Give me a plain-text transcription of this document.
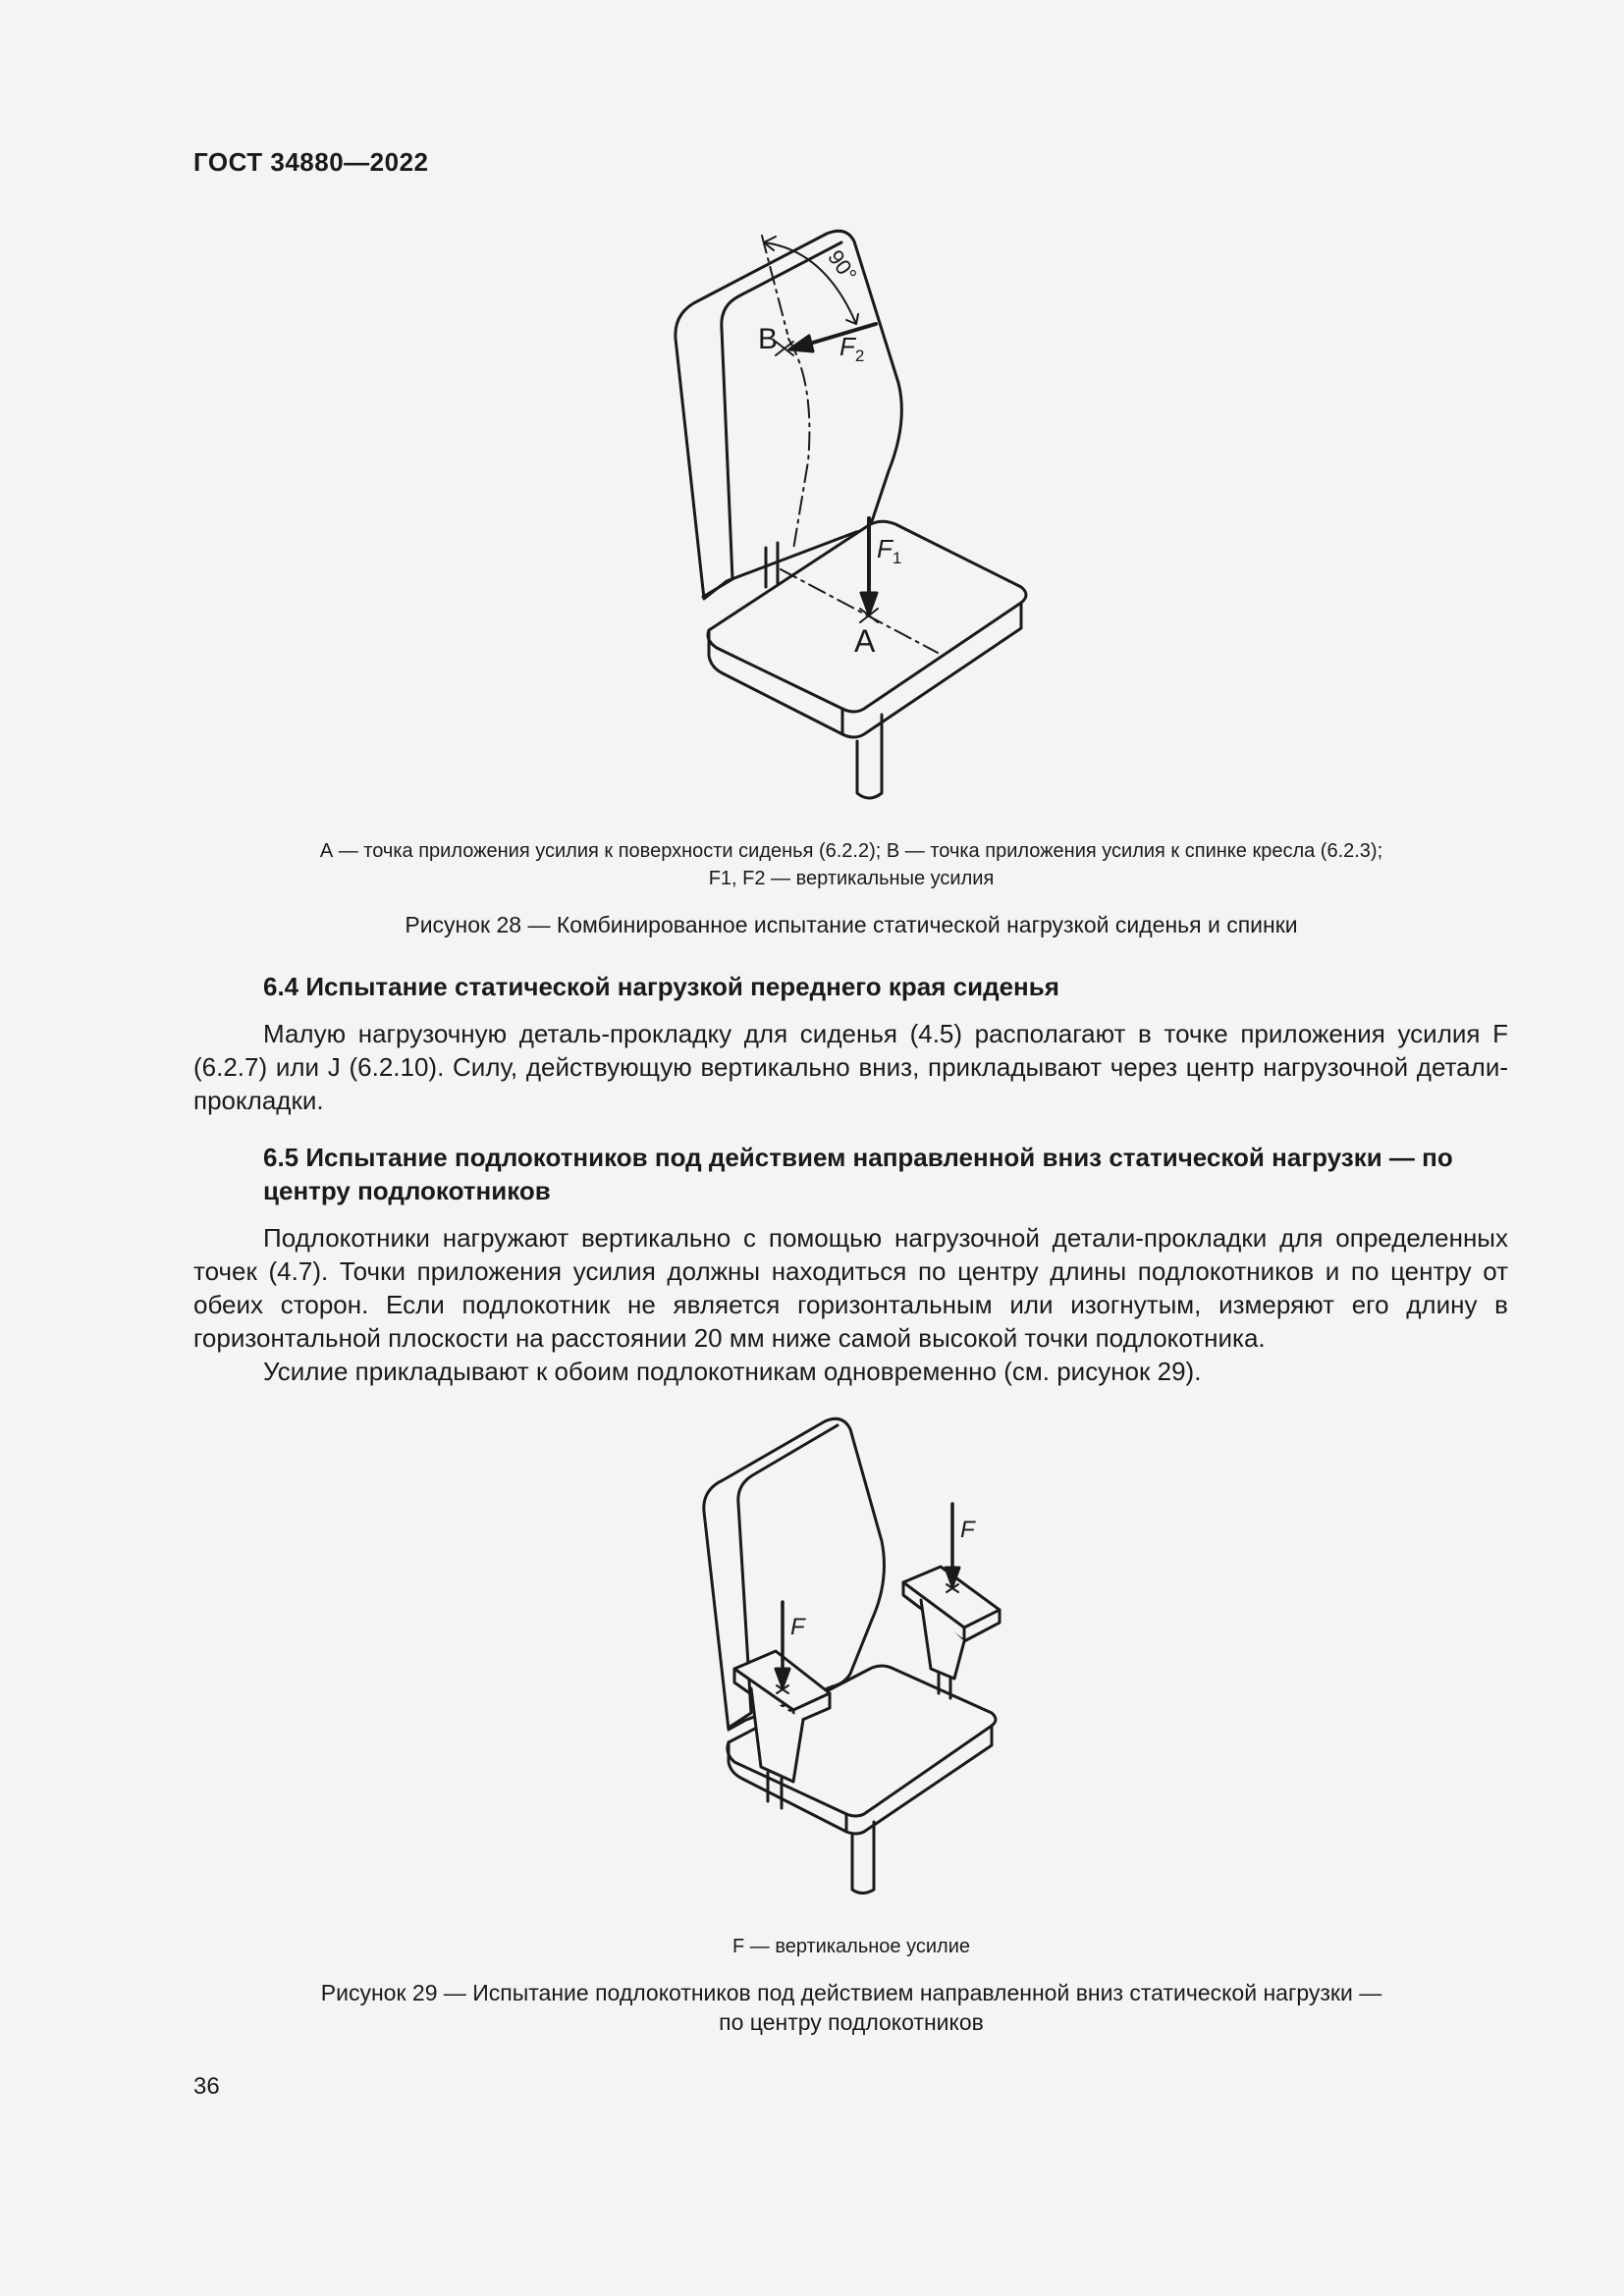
ГОСТ 34880—2022
B
A
90°
$F_2$
$F_1$
А — точка приложения усилия к поверхности сиденья (6.2.2); В — точка приложения усилия к спинке кресла (6.2.3);
F1, F2 — вертикальные усилия
Рисунок 28 — Комбинированное испытание статической нагрузкой сиденья и спинки
6.4 Испытание статической нагрузкой переднего края сиденья
Малую нагрузочную деталь-прокладку для сиденья (4.5) располагают в точке приложения усилия F (6.2.7) или J (6.2.10). Силу, действующую вертикально вниз, прикладывают через центр нагрузочной детали-прокладки.
6.5 Испытание подлокотников под действием направленной вниз статической нагрузки — по центру подлокотников
Подлокотники нагружают вертикально с помощью нагрузочной детали-прокладки для определенных точек (4.7). Точки приложения усилия должны находиться по центру длины подлокотников и по центру от обеих сторон. Если подлокотник не является горизонтальным или изогнутым, измеряют его длину в горизонтальной плоскости на расстоянии 20 мм ниже самой высокой точки подлокотника.
Усилие прикладывают к обоим подлокотникам одновременно (см. рисунок 29).
F
F
F — вертикальное усилие
Рисунок 29 — Испытание подлокотников под действием направленной вниз статической нагрузки —
по центру подлокотников
36
